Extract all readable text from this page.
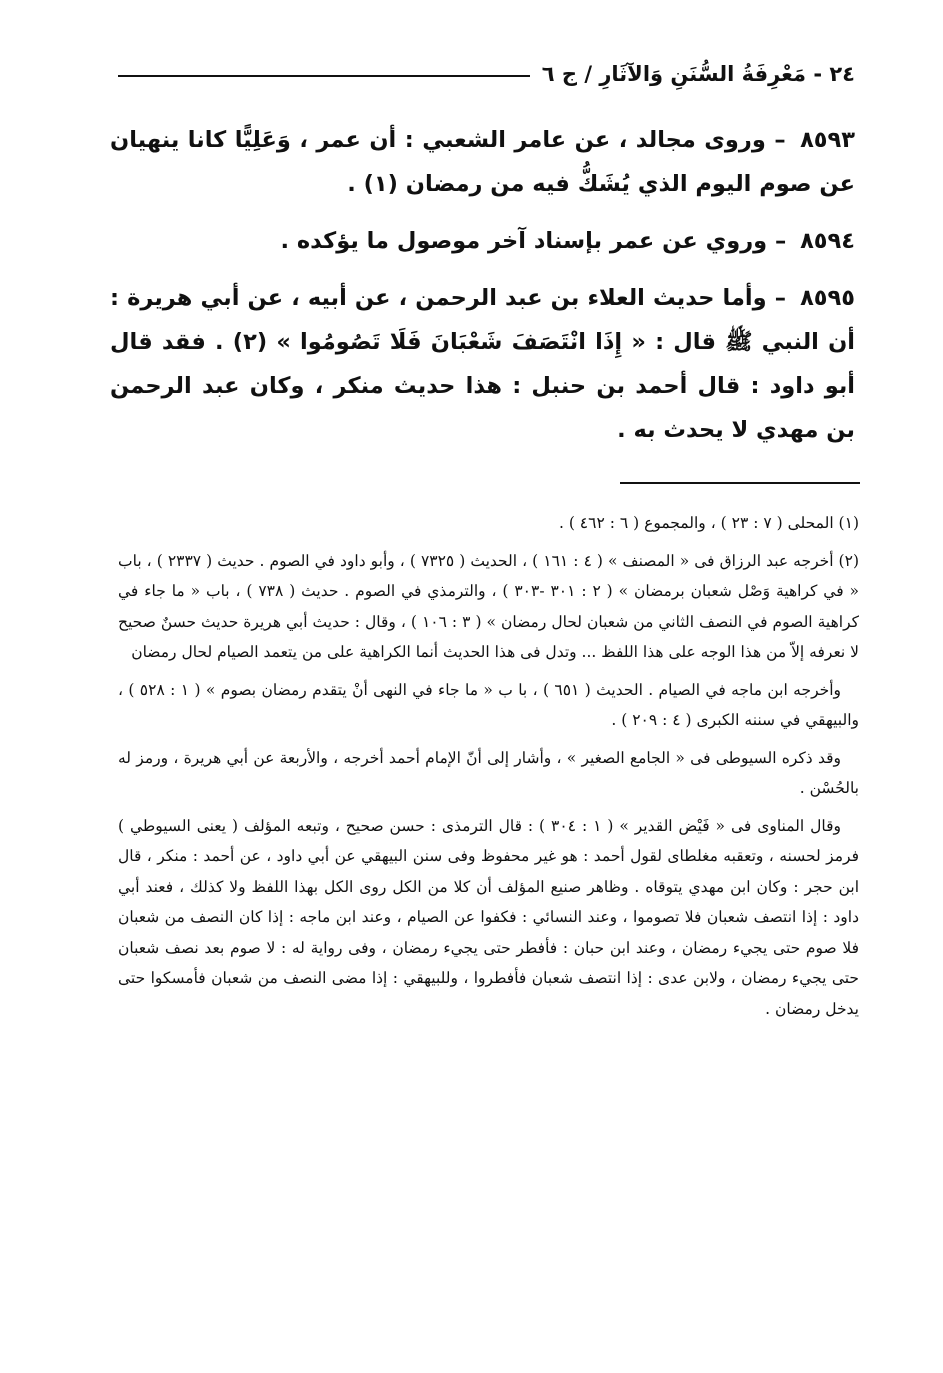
٢٤ - مَعْرِفَةُ السُّنَنِ وَالآثَارِ / ج ٦

٨٥٩٣ – وروى مجالد ، عن عامر الشعبي : أن عمر ، وَعَلِيًّا كانا ينهيان عن صوم اليوم الذي يُشَكُّ فيه من رمضان (١) .

٨٥٩٤ – وروي عن عمر بإسناد آخر موصول ما يؤكده .

٨٥٩٥ – وأما حديث العلاء بن عبد الرحمن ، عن أبيه ، عن أبي هريرة : أن النبي ﷺ قال : « إِذَا انْتَصَفَ شَعْبَانَ فَلَا تَصُومُوا » (٢) . فقد قال أبو داود : قال أحمد بن حنبل : هذا حديث منكر ، وكان عبد الرحمن بن مهدي لا يحدث به .

(١) المحلى ( ٧ : ٢٣ ) ، والمجموع ( ٦ : ٤٦٢ ) .

(٢) أخرجه عبد الرزاق فى « المصنف » ( ٤ : ١٦١ ) ، الحديث ( ٧٣٢٥ ) ، وأبو داود في الصوم . حديث ( ٢٣٣٧ ) ، باب « في كراهية وَصْل شعبان برمضان » ( ٢ : ٣٠١ -٣٠٣ ) ، والترمذي في الصوم . حديث ( ٧٣٨ ) ، باب « ما جاء في كراهية الصوم في النصف الثاني من شعبان لحال رمضان » ( ٣ : ١٠٦ ) ، وقال : حديث أبي هريرة حديث حسنٌ صحيح لا نعرفه إلاّ من هذا الوجه على هذا اللفظ ... وتدل فى هذا الحديث أنما الكراهية على من يتعمد الصيام لحال رمضان

وأخرجه ابن ماجه في الصيام . الحديث ( ٦٥١ ) ، با ب « ما جاء في النهى أنْ يتقدم رمضان بصوم » ( ١ : ٥٢٨ ) ، والبيهقي في سننه الكبرى ( ٤ : ٢٠٩ ) .

وقد ذكره السيوطى فى « الجامع الصغير » ، وأشار إلى أنّ الإمام أحمد أخرجه ، والأربعة عن أبي هريرة ، ورمز له بالحُسْن .

وقال المناوى فى « فَيْض القدير » ( ١ : ٣٠٤ ) : قال الترمذى : حسن صحيح ، وتبعه المؤلف ( يعنى السيوطي ) فرمز لحسنه ، وتعقبه مغلطاى لقول أحمد : هو غير محفوظ وفى سنن البيهقي عن أبي داود ، عن أحمد : منكر ، قال ابن حجر : وكان ابن مهدي يتوقاه . وظاهر صنيع المؤلف أن كلا من الكل روى الكل بهذا اللفظ ولا كذلك ، فعند أبي داود : إذا انتصف شعبان فلا تصوموا ، وعند النسائي : فكفوا عن الصيام ، وعند ابن ماجه : إذا كان النصف من شعبان فلا صوم حتى يجيء رمضان ، وعند ابن حبان : فأفطر حتى يجيء رمضان ، وفى رواية له : لا صوم بعد نصف شعبان حتى يجيء رمضان ، ولابن عدى : إذا انتصف شعبان فأفطروا ، وللبيهقي : إذا مضى النصف من شعبان فأمسكوا حتى يدخل رمضان .
